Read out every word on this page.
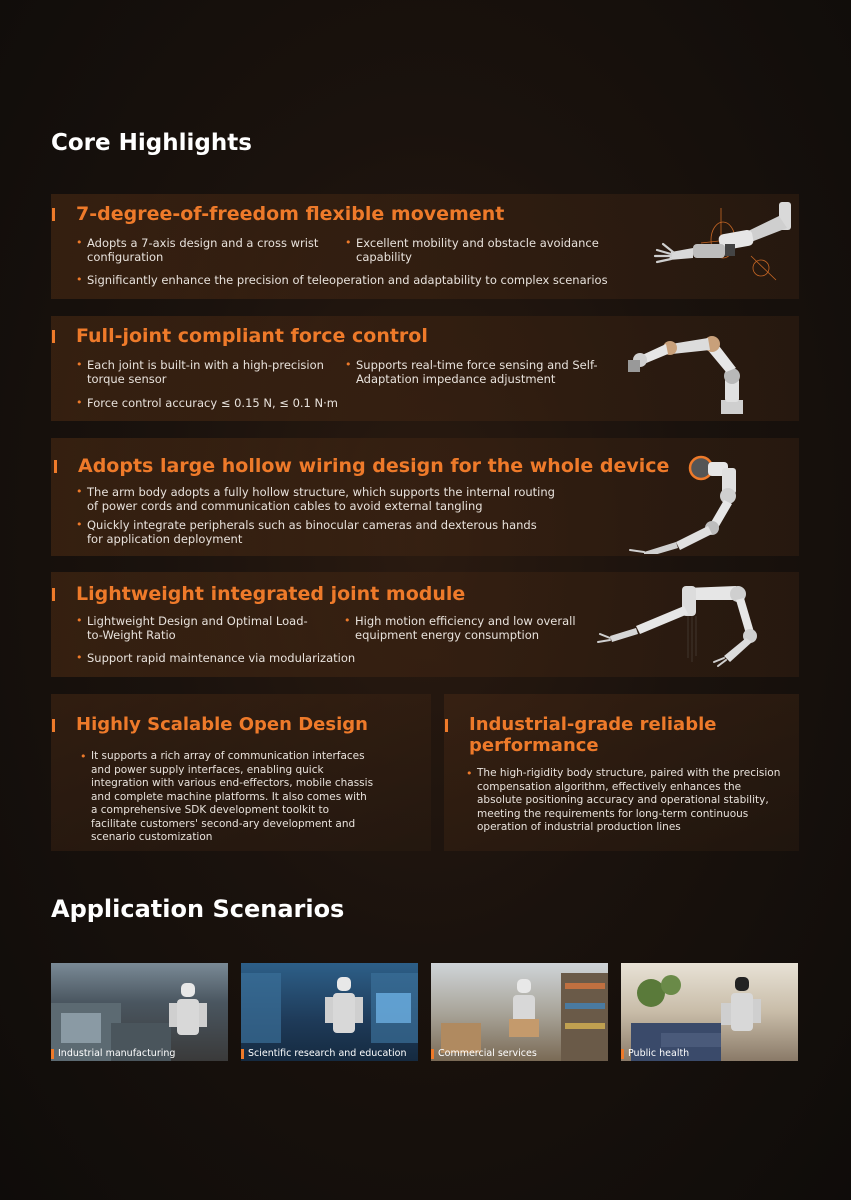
Core Highlights
7-degree-of-freedom flexible movement
• Adopts a 7-axis design and a cross wrist configuration
• Excellent mobility and obstacle avoidance capability
• Significantly enhance the precision of teleoperation and adaptability to complex scenarios
Full-joint compliant force control
• Each joint is built-in with a high-precision torque sensor
• Supports real-time force sensing and Self-Adaptation impedance adjustment
• Force control accuracy ≤ 0.15 N, ≤ 0.1 N·m
Adopts large hollow wiring design for the whole device
• The arm body adopts a fully hollow structure, which supports the internal routing of power cords and communication cables to avoid external tangling
• Quickly integrate peripherals such as binocular cameras and dexterous hands for application deployment
Lightweight integrated joint module
• Lightweight Design and Optimal Load-to-Weight Ratio
• High motion efficiency and low overall equipment energy consumption
• Support rapid maintenance via modularization
Highly Scalable Open Design
• It supports a rich array of communication interfaces and power supply interfaces, enabling quick integration with various end-effectors, mobile chassis and complete machine platforms. It also comes with a comprehensive SDK development toolkit to facilitate customers' second-ary development and scenario customization
Industrial-grade reliable performance
• The high-rigidity body structure, paired with the precision compensation algorithm, effectively enhances the absolute positioning accuracy and operational stability, meeting the requirements for long-term continuous operation of industrial production lines
Application Scenarios
Industrial manufacturing	Scientific research and education	Commercial services	Public health
